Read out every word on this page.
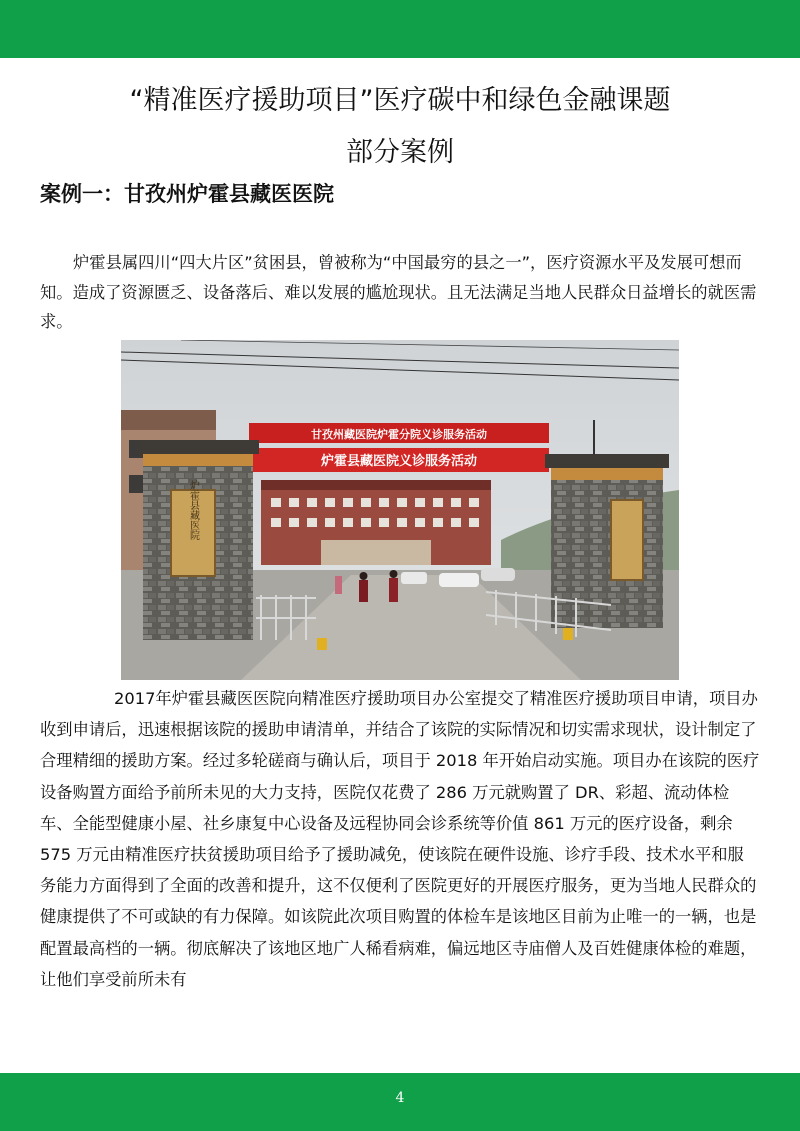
“精准医疗援助项目”医疗碳中和绿色金融课题
部分案例
案例一：甘孜州炉霍县藏医医院

炉霍县属四川“四大片区”贫困县，曾被称为“中国最穷的县之一”，医疗资源水平及发展可想而知。造成了资源匮乏、设备落后、难以发展的尴尬现状。且无法满足当地人民群众日益增长的就医需求。

甘孜州藏医院炉霍分院义诊服务活动
炉霍县藏医院义诊服务活动
炉霍县藏医院

2017年炉霍县藏医医院向精准医疗援助项目办公室提交了精准医疗援助项目申请，项目办收到申请后，迅速根据该院的援助申请清单，并结合了该院的实际情况和切实需求现状，设计制定了合理精细的援助方案。经过多轮磋商与确认后，项目于 2018 年开始启动实施。项目办在该院的医疗设备购置方面给予前所未见的大力支持，医院仅花费了 286 万元就购置了 DR、彩超、流动体检车、全能型健康小屋、社乡康复中心设备及远程协同会诊系统等价值 861 万元的医疗设备，剩余 575 万元由精准医疗扶贫援助项目给予了援助减免，使该院在硬件设施、诊疗手段、技术水平和服务能力方面得到了全面的改善和提升，这不仅便利了医院更好的开展医疗服务，更为当地人民群众的健康提供了不可或缺的有力保障。如该院此次项目购置的体检车是该地区目前为止唯一的一辆，也是配置最高档的一辆。彻底解决了该地区地广人稀看病难，偏远地区寺庙僧人及百姓健康体检的难题，让他们享受前所未有

4
